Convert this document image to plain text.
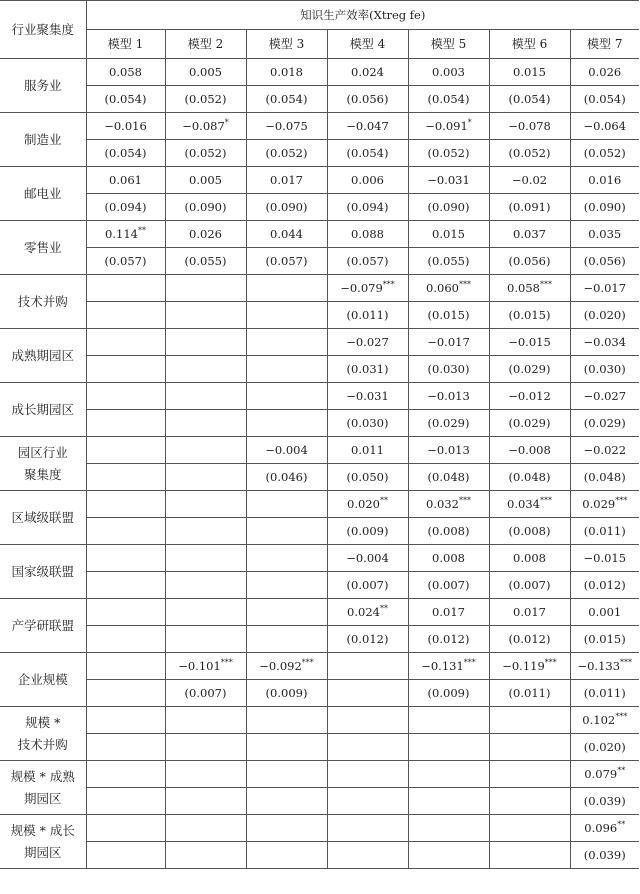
行业聚集度	知识生产效率(Xtreg fe)						
	模型 1	模型 2	模型 3	模型 4	模型 5	模型 6	模型 7

服务业	0.058	0.005	0.018	0.024	0.003	0.015	0.026
	(0.054)	(0.052)	(0.054)	(0.056)	(0.054)	(0.054)	(0.054)

制造业	−0.016	−0.087*	−0.075	−0.047	−0.091*	−0.078	−0.064
	(0.054)	(0.052)	(0.052)	(0.054)	(0.052)	(0.052)	(0.052)

邮电业	0.061	0.005	0.017	0.006	−0.031	−0.02	0.016
	(0.094)	(0.090)	(0.090)	(0.094)	(0.090)	(0.091)	(0.090)

零售业	0.114**	0.026	0.044	0.088	0.015	0.037	0.035
	(0.057)	(0.055)	(0.057)	(0.057)	(0.055)	(0.056)	(0.056)

技术并购				−0.079***	0.060***	0.058***	−0.017
				(0.011)	(0.015)	(0.015)	(0.020)

成熟期园区				−0.027	−0.017	−0.015	−0.034
				(0.031)	(0.030)	(0.029)	(0.030)

成长期园区				−0.031	−0.013	−0.012	−0.027
				(0.030)	(0.029)	(0.029)	(0.029)

园区行业
聚集度			−0.004	0.011	−0.013	−0.008	−0.022
			(0.046)	(0.050)	(0.048)	(0.048)	(0.048)

区域级联盟				0.020**	0.032***	0.034***	0.029***
				(0.009)	(0.008)	(0.008)	(0.011)

国家级联盟				−0.004	0.008	0.008	−0.015
				(0.007)	(0.007)	(0.007)	(0.012)

产学研联盟				0.024**	0.017	0.017	0.001
				(0.012)	(0.012)	(0.012)	(0.015)

企业规模		−0.101***	−0.092***		−0.131***	−0.119***	−0.133***
		(0.007)	(0.009)		(0.009)	(0.011)	(0.011)

规模 *
技术并购							0.102***
							(0.020)

规模 * 成熟
期园区							0.079**
							(0.039)

规模 * 成长
期园区							0.096**
							(0.039)
